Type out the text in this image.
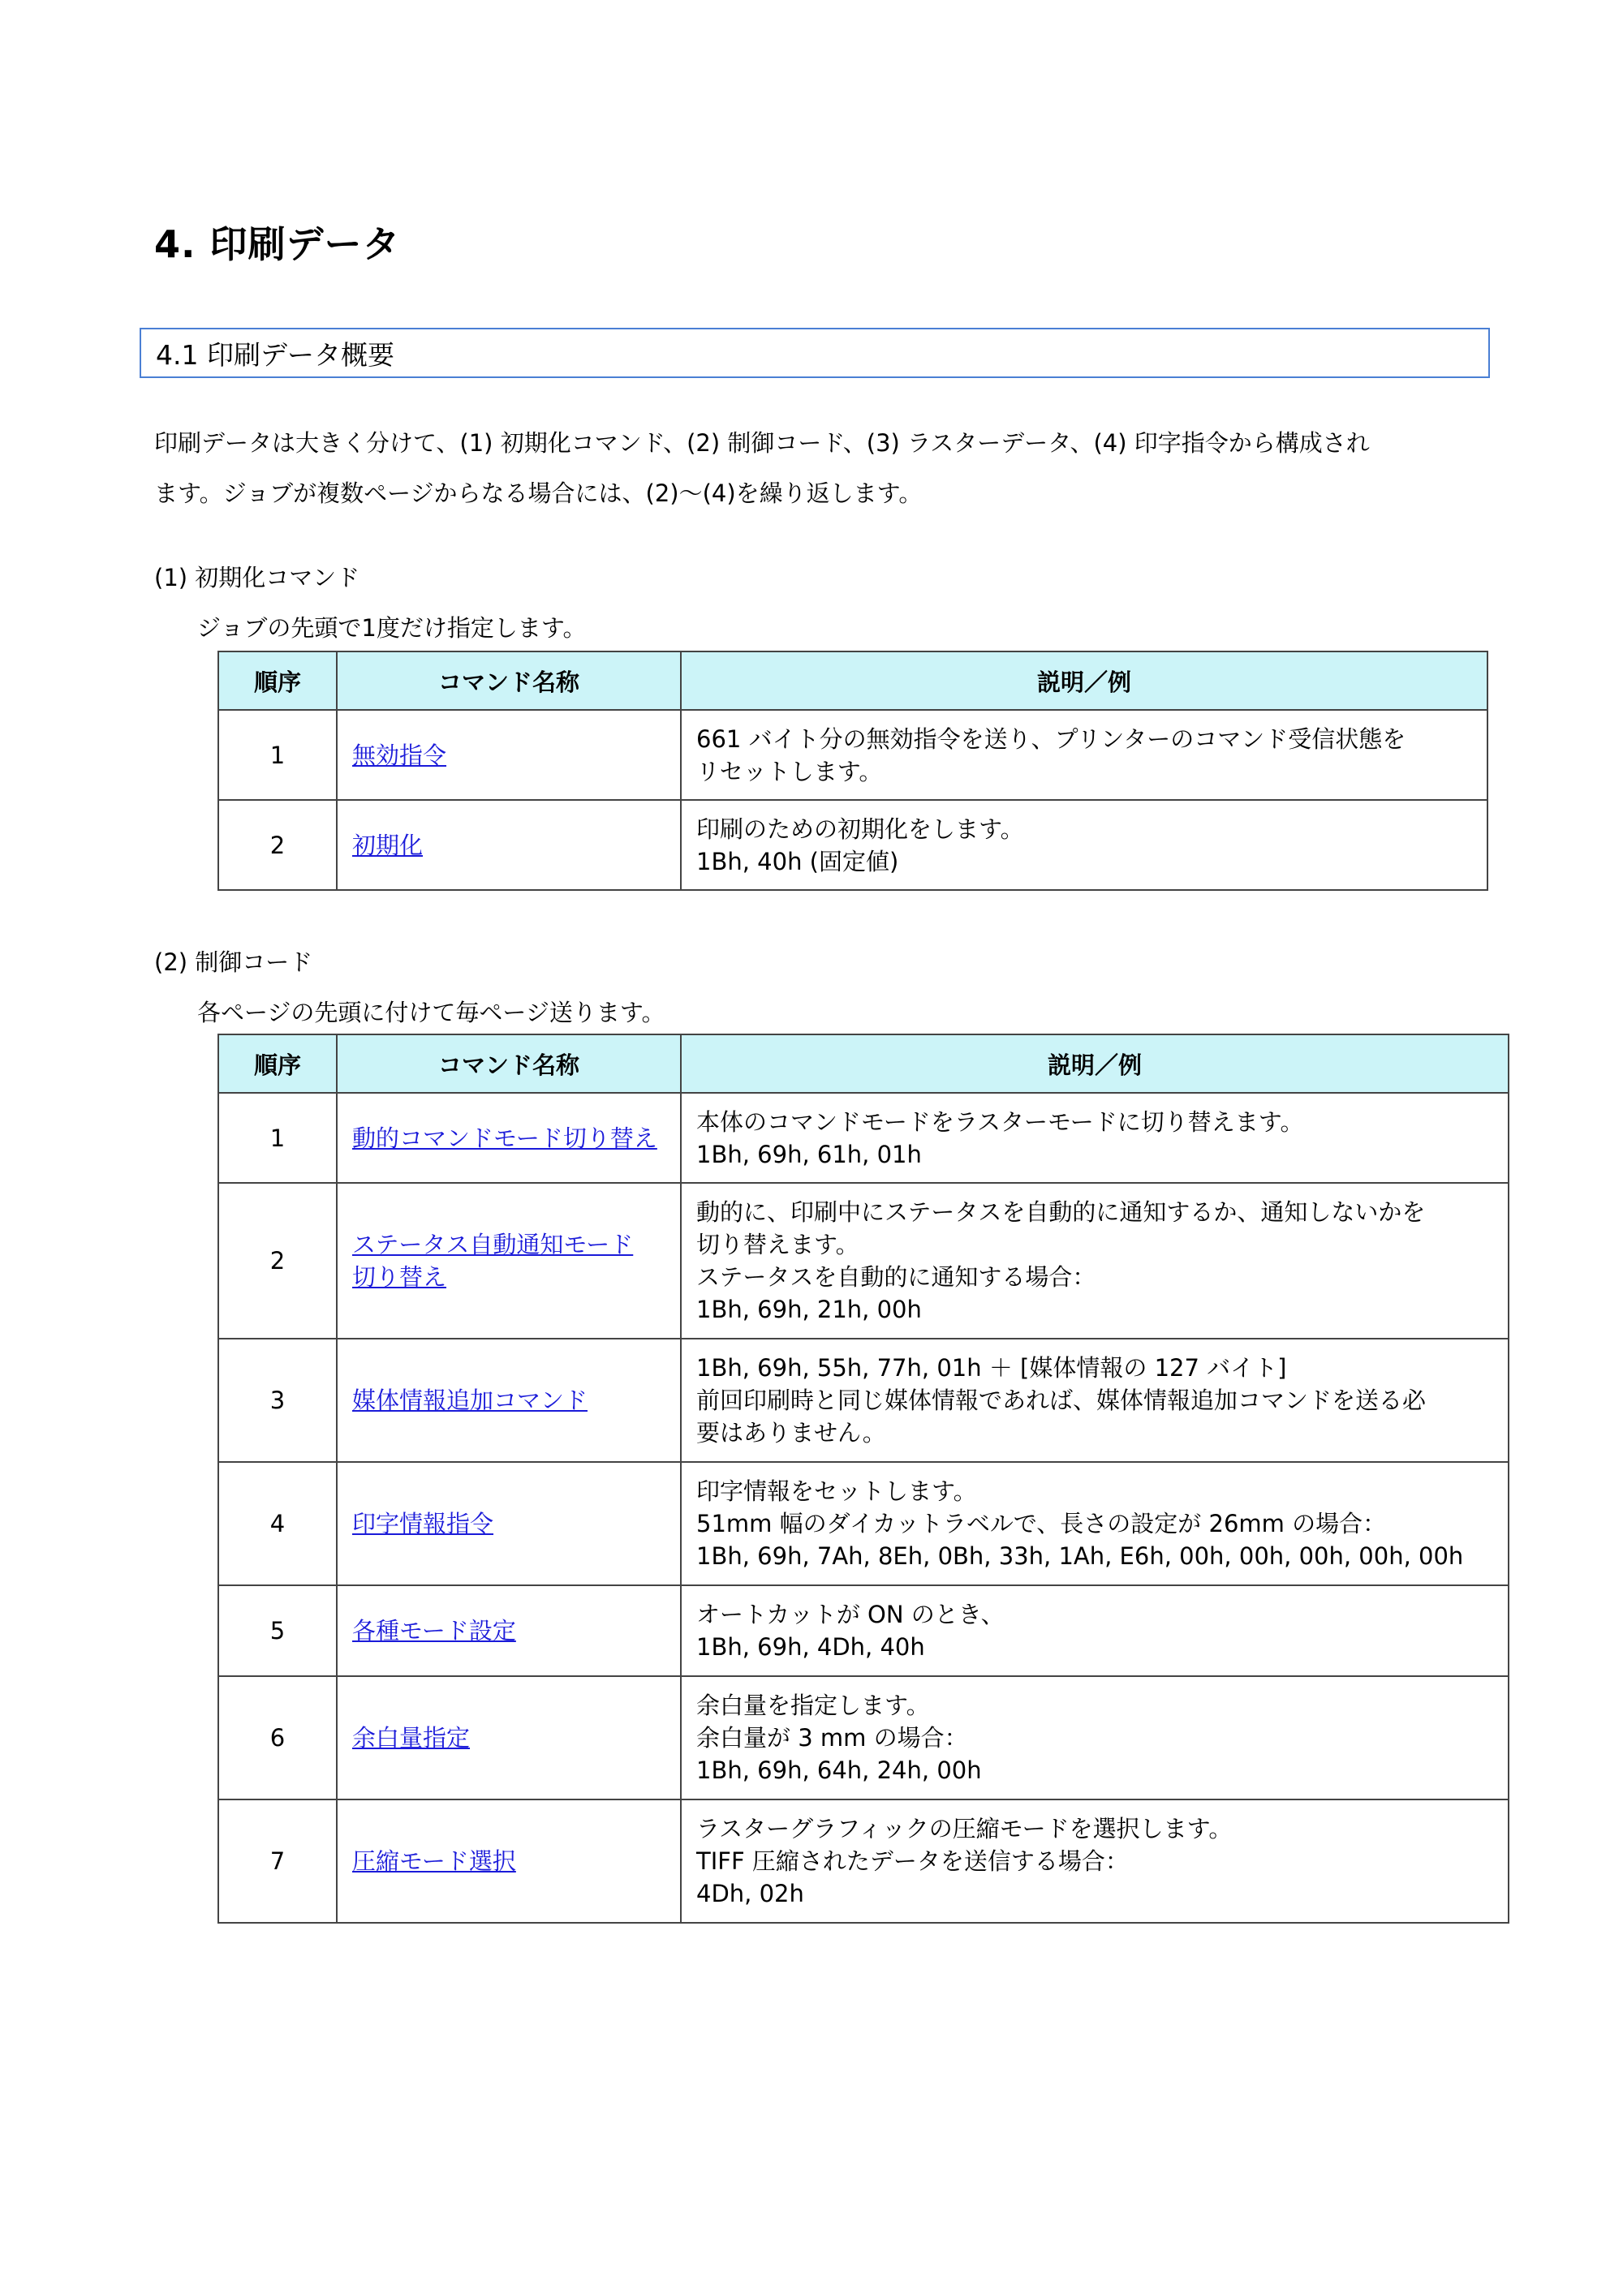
4. 印刷データ
4.1 印刷データ概要

印刷データは大きく分けて、(1) 初期化コマンド、(2) 制御コード、(3) ラスターデータ、(4) 印字指令から構成され
ます。ジョブが複数ページからなる場合には、(2)〜(4)を繰り返します。

(1) 初期化コマンド

ジョブの先頭で1度だけ指定します。

順序	コマンド名称	説明／例
1	無効指令	661 バイト分の無効指令を送り、プリンターのコマンド受信状態を
リセットします。

2	初期化	印刷のための初期化をします。
1Bh, 40h (固定値)
(2) 制御コード

各ページの先頭に付けて毎ページ送ります。

順序	コマンド名称	説明／例
1	動的コマンドモード切り替え	本体のコマンドモードをラスターモードに切り替えます。
1Bh, 69h, 61h, 01h

2	ステータス自動通知モード
切り替え	動的に、印刷中にステータスを自動的に通知するか、通知しないかを
切り替えます。
ステータスを自動的に通知する場合：
1Bh, 69h, 21h, 00h

3	媒体情報追加コマンド	1Bh, 69h, 55h, 77h, 01h ＋ [媒体情報の 127 バイト]
前回印刷時と同じ媒体情報であれば、媒体情報追加コマンドを送る必
要はありません。

4	印字情報指令	印字情報をセットします。
51mm 幅のダイカットラベルで、長さの設定が 26mm の場合：
1Bh, 69h, 7Ah, 8Eh, 0Bh, 33h, 1Ah, E6h, 00h, 00h, 00h, 00h, 00h

5	各種モード設定	オートカットが ON のとき、
1Bh, 69h, 4Dh, 40h

6	余白量指定	余白量を指定します。
余白量が 3 mm の場合：
1Bh, 69h, 64h, 24h, 00h

7	圧縮モード選択	ラスターグラフィックの圧縮モードを選択します。
TIFF 圧縮されたデータを送信する場合：
4Dh, 02h
